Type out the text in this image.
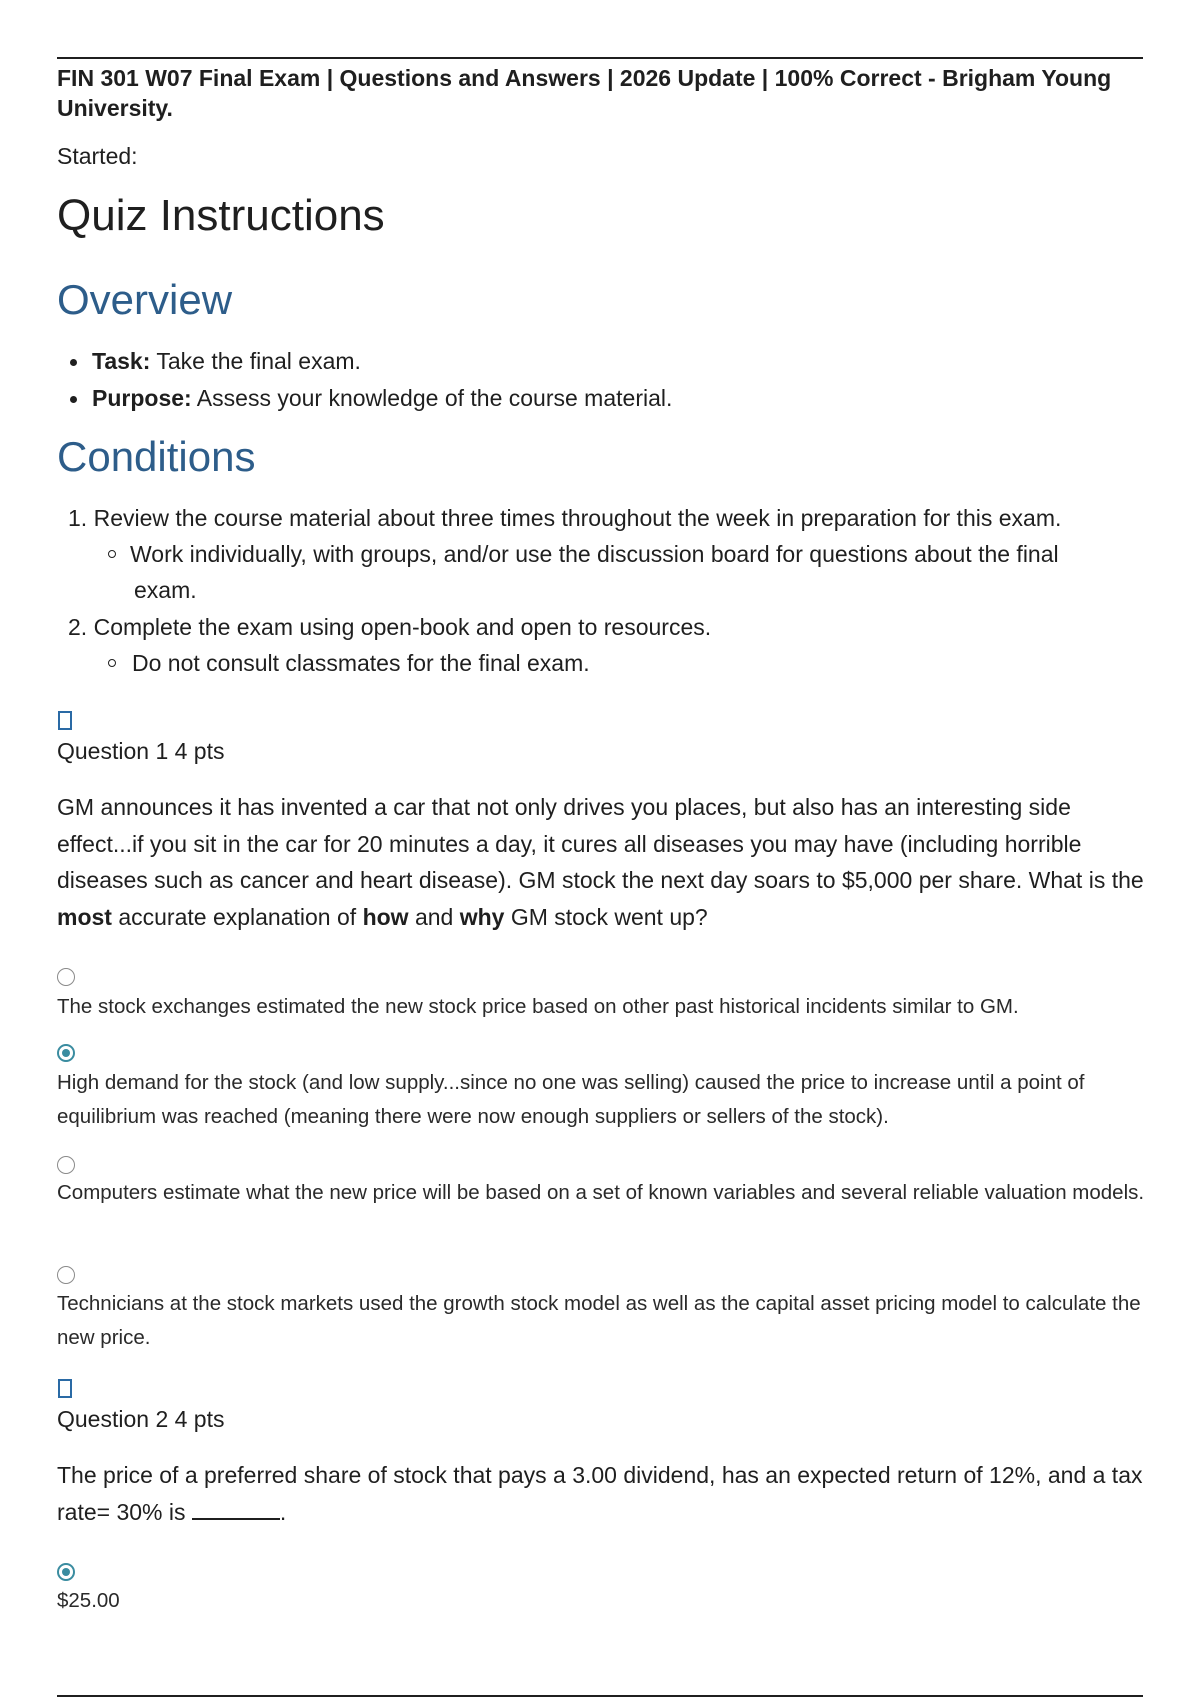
FIN 301 W07 Final Exam | Questions and Answers | 2026 Update | 100% Correct - Brigham Young University.
Started:
Quiz Instructions
Overview
Task: Take the final exam.
Purpose: Assess your knowledge of the course material.
Conditions
1. Review the course material about three times throughout the week in preparation for this exam.
Work individually, with groups, and/or use the discussion board for questions about the final
exam.
2. Complete the exam using open-book and open to resources.
Do not consult classmates for the final exam.
Question 1 4 pts

GM announces it has invented a car that not only drives you places, but also has an interesting side effect...if you sit in the car for 20 minutes a day, it cures all diseases you may have (including horrible diseases such as cancer and heart disease). GM stock the next day soars to $5,000 per share. What is the most accurate explanation of how and why GM stock went up?

The stock exchanges estimated the new stock price based on other past historical incidents similar to GM.

High demand for the stock (and low supply...since no one was selling) caused the price to increase until a point of equilibrium was reached (meaning there were now enough suppliers or sellers of the stock).

Computers estimate what the new price will be based on a set of known variables and several reliable valuation models.

Technicians at the stock markets used the growth stock model as well as the capital asset pricing model to calculate the new price.

Question 2 4 pts

The price of a preferred share of stock that pays a 3.00 dividend, has an expected return of 12%, and a tax rate= 30% is	.

$25.00
